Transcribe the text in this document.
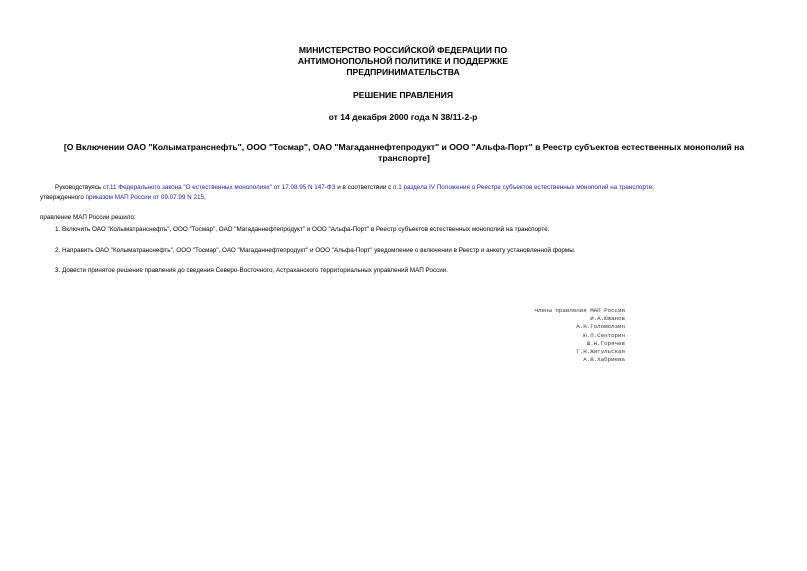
МИНИСТЕРСТВО РОССИЙСКОЙ ФЕДЕРАЦИИ ПО
АНТИМОНОПОЛЬНОЙ ПОЛИТИКЕ И ПОДДЕРЖКЕ
ПРЕДПРИНИМАТЕЛЬСТВА
РЕШЕНИЕ ПРАВЛЕНИЯ
от 14 декабря 2000 года N 38/11-2-р
[О Включении ОАО "Колыматранснефть", ООО "Тосмар", ОАО "Магаданнефтепродукт" и ООО "Альфа-Порт" в Реестр субъектов естественных монополий на
транспорте]
Руководствуясь ст.11 Федерального закона "О естественных монополиях" от 17.08.95 N 147-ФЗ и в соответствии с п.1 раздела IV Положения о Реестре субъектов естественных монополий на транспорте,
утвержденного приказом МАП России от 09.07.99 N 215,
правление МАП России решило:
1. Включить ОАО "Колыматранснефть", ООО "Тосмар", ОАО "Магаданнефтепродукт" и ООО "Альфа-Порт" в Реестр субъектов естественных монополий на транспорте.
2. Направить ОАО "Колыматранснефть", ООО "Тосмар", ОАО "Магаданнефтепродукт" и ООО "Альфа-Порт" уведомление о включении в Реестр и анкету установленной формы.
3. Довести принятое решение правления до сведения Северо-Восточного, Астраханского территориальных управлений МАП России.
Члены правления МАП России
И.А.Южанов
А.Н.Голомолзин
Ю.П.Сенторин
Ш.Н.Горячев
Г.Н.Жигульская
А.В.Хабриева
